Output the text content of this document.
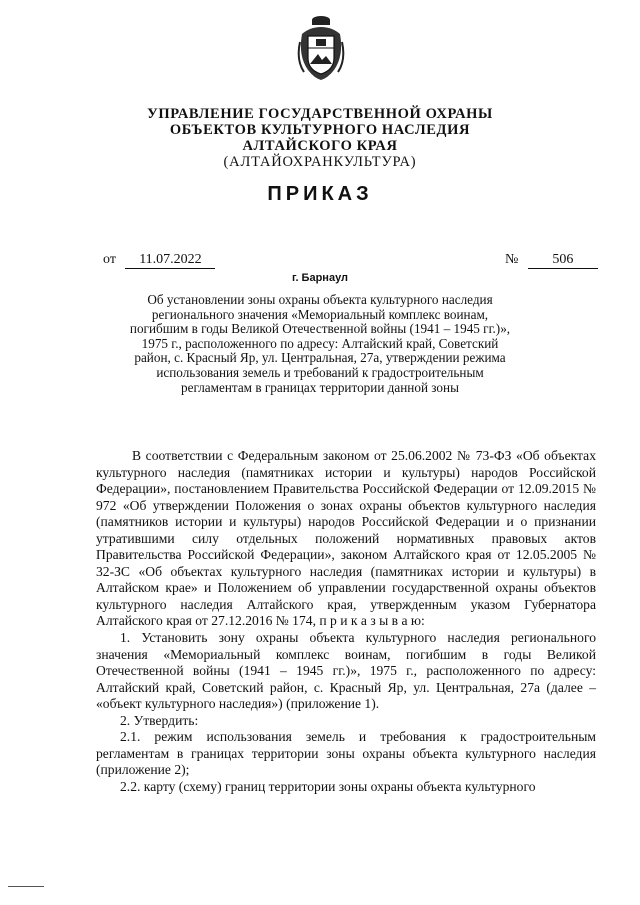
УПРАВЛЕНИЕ ГОСУДАРСТВЕННОЙ ОХРАНЫ
ОБЪЕКТОВ КУЛЬТУРНОГО НАСЛЕДИЯ
АЛТАЙСКОГО КРАЯ
(АЛТАЙОХРАНКУЛЬТУРА)
ПРИКАЗ
от 11.07.2022	№ 506
г. Барнаул
Об установлении зоны охраны объекта культурного наследия
регионального значения «Мемориальный комплекс воинам,
погибшим в годы Великой Отечественной войны (1941 – 1945 гг.)»,
1975 г., расположенного по адресу: Алтайский край, Советский
район, с. Красный Яр, ул. Центральная, 27а, утверждении режима
использования земель и требований к градостроительным
регламентам в границах территории данной зоны

В соответствии с Федеральным законом от 25.06.2002 № 73-ФЗ «Об объектах культурного наследия (памятниках истории и культуры) народов Российской Федерации», постановлением Правительства Российской Федерации от 12.09.2015 № 972 «Об утверждении Положения о зонах охраны объектов культурного наследия (памятников истории и культуры) народов Российской Федерации и о признании утратившими силу отдельных положений нормативных правовых актов Правительства Российской Федерации», законом Алтайского края от 12.05.2005 № 32-ЗС «Об объектах культурного наследия (памятниках истории и культуры) в Алтайском крае» и Положением об управлении государственной охраны объектов культурного наследия Алтайского края, утвержденным указом Губернатора Алтайского края от 27.12.2016 № 174, п р и к а з ы в а ю:

1. Установить зону охраны объекта культурного наследия регионального значения «Мемориальный комплекс воинам, погибшим в годы Великой Отечественной войны (1941 – 1945 гг.)», 1975 г., расположенного по адресу: Алтайский край, Советский район, с. Красный Яр, ул. Центральная, 27а (далее – «объект культурного наследия») (приложение 1).

2. Утвердить:

2.1. режим использования земель и требования к градостроительным регламентам в границах территории зоны охраны объекта культурного наследия (приложение 2);

2.2. карту (схему) границ территории зоны охраны объекта культурного
